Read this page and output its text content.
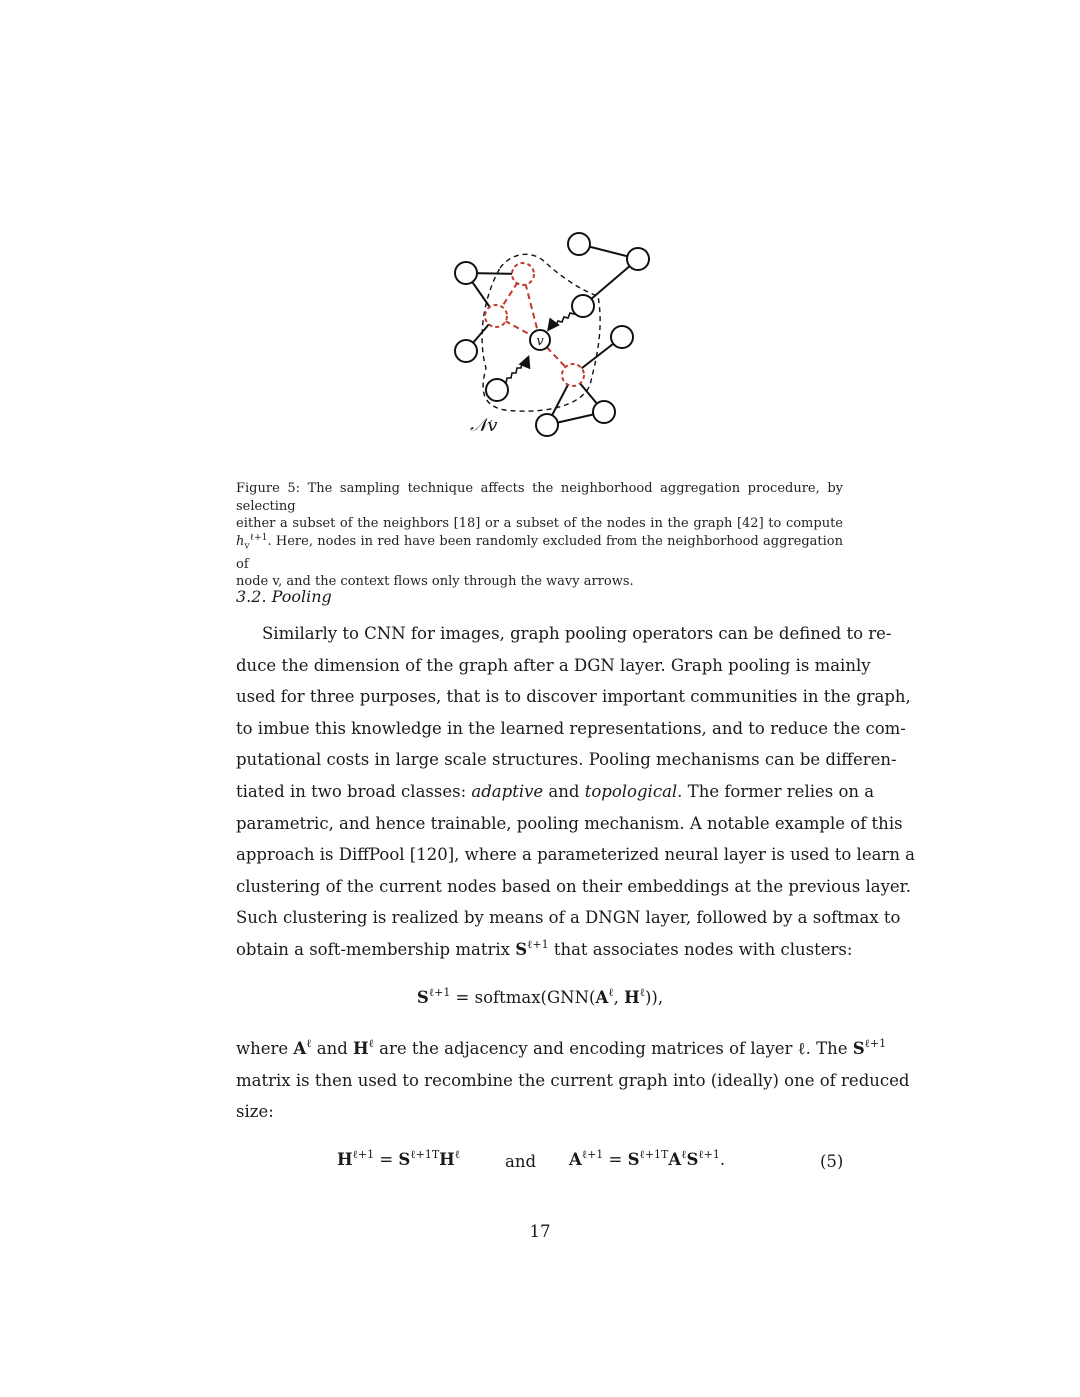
v
𝒩v
Figure 5: The sampling technique affects the neighborhood aggregation procedure, by selecting
either a subset of the neighbors [18] or a subset of the nodes in the graph [42] to compute
$h_v^{\ell+1}$. Here, nodes in red have been randomly excluded from the neighborhood aggregation of
node v, and the context flows only through the wavy arrows.
3.2. Pooling
Similarly to CNN for images, graph pooling operators can be defined to re-
duce the dimension of the graph after a DGN layer. Graph pooling is mainly
used for three purposes, that is to discover important communities in the graph,
to imbue this knowledge in the learned representations, and to reduce the com-
putational costs in large scale structures. Pooling mechanisms can be differen-
tiated in two broad classes: adaptive and topological. The former relies on a
parametric, and hence trainable, pooling mechanism. A notable example of this
approach is DiffPool [120], where a parameterized neural layer is used to learn a
clustering of the current nodes based on their embeddings at the previous layer.
Such clustering is realized by means of a DNGN layer, followed by a softmax to
obtain a soft-membership matrix $S^{\ell+1}$ that associates nodes with clusters:
$S^{\ell+1}$ = $softmax(GNN(A^\ell$, $H^\ell$)),
where $A^\ell$ and $H^\ell$ are the adjacency and encoding matrices of layer ℓ. The $S^{\ell+1}$
matrix is then used to recombine the current graph into (ideally) one of reduced
size:
$H^{\ell+1} = S^{\ell+1T}H^\ell$	and $A^{\ell+1} = S^{\ell+1T}A^\ell S^{\ell+1}$.	(5)
17
